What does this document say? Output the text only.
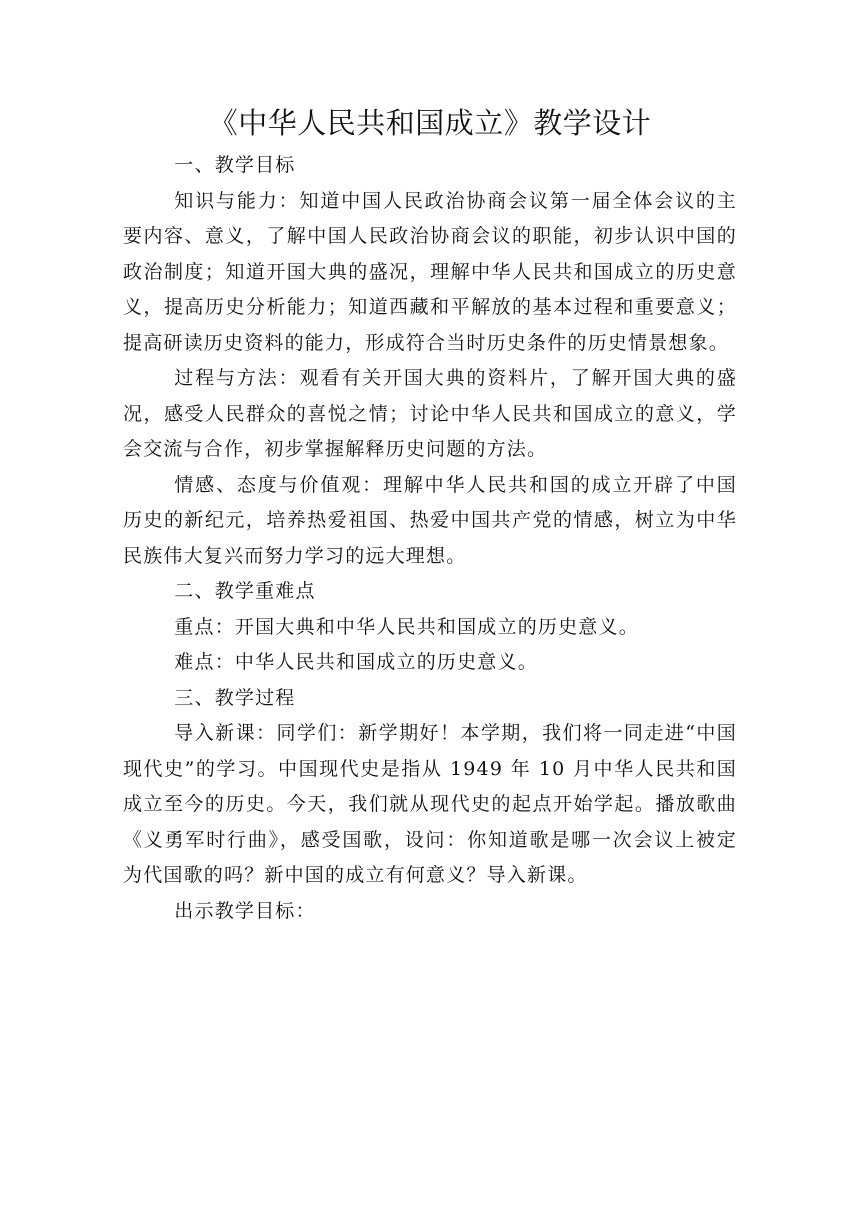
《中华人民共和国成立》教学设计

一、教学目标

知识与能力：知道中国人民政治协商会议第一届全体会议的主要内容、意义，了解中国人民政治协商会议的职能，初步认识中国的政治制度；知道开国大典的盛况，理解中华人民共和国成立的历史意义，提高历史分析能力；知道西藏和平解放的基本过程和重要意义；提高研读历史资料的能力，形成符合当时历史条件的历史情景想象。

过程与方法：观看有关开国大典的资料片，了解开国大典的盛况，感受人民群众的喜悦之情；讨论中华人民共和国成立的意义，学会交流与合作，初步掌握解释历史问题的方法。

情感、态度与价值观：理解中华人民共和国的成立开辟了中国历史的新纪元，培养热爱祖国、热爱中国共产党的情感，树立为中华民族伟大复兴而努力学习的远大理想。

二、教学重难点

重点：开国大典和中华人民共和国成立的历史意义。

难点：中华人民共和国成立的历史意义。

三、教学过程

导入新课：同学们：新学期好！本学期，我们将一同走进“中国现代史”的学习。中国现代史是指从 1949 年 10 月中华人民共和国成立至今的历史。今天，我们就从现代史的起点开始学起。播放歌曲《义勇军时行曲》，感受国歌，设问：你知道歌是哪一次会议上被定为代国歌的吗？新中国的成立有何意义？导入新课。

出示教学目标：
